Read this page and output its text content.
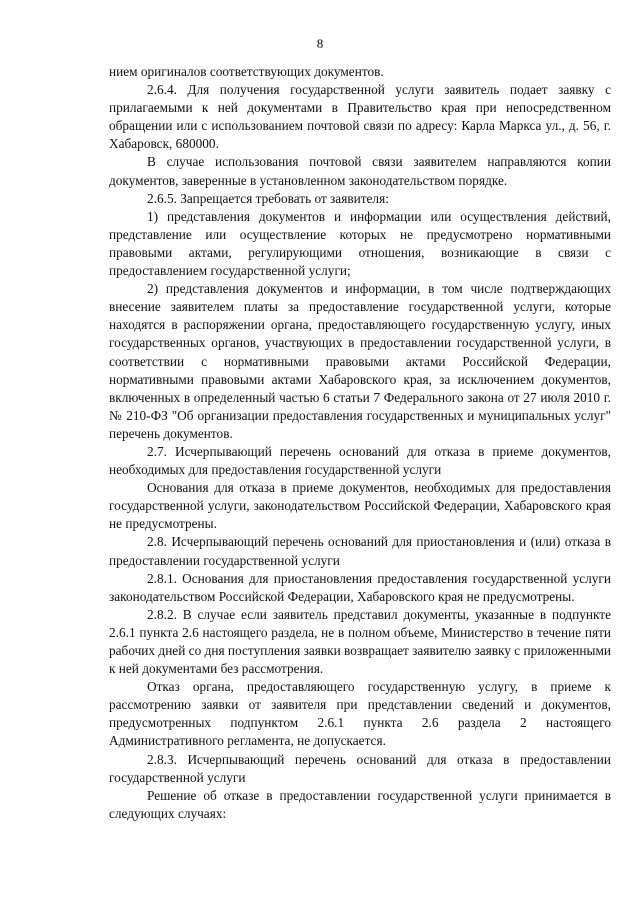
8

нием оригиналов соответствующих документов.

2.6.4. Для получения государственной услуги заявитель подает заявку с прилагаемыми к ней документами в Правительство края при непосредственном обращении или с использованием почтовой связи по адресу: Карла Маркса ул., д. 56, г. Хабаровск, 680000.

В случае использования почтовой связи заявителем направляются копии документов, заверенные в установленном законодательством порядке.

2.6.5. Запрещается требовать от заявителя:

1) представления документов и информации или осуществления действий, представление или осуществление которых не предусмотрено нормативными правовыми актами, регулирующими отношения, возникающие в связи с предоставлением государственной услуги;

2) представления документов и информации, в том числе подтверждающих внесение заявителем платы за предоставление государственной услуги, которые находятся в распоряжении органа, предоставляющего государственную услугу, иных государственных органов, участвующих в предоставлении государственной услуги, в соответствии с нормативными правовыми актами Российской Федерации, нормативными правовыми актами Хабаровского края, за исключением документов, включенных в определенный частью 6 статьи 7 Федерального закона от 27 июля 2010 г. № 210-ФЗ "Об организации предоставления государственных и муниципальных услуг" перечень документов.

2.7. Исчерпывающий перечень оснований для отказа в приеме документов, необходимых для предоставления государственной услуги

Основания для отказа в приеме документов, необходимых для предоставления государственной услуги, законодательством Российской Федерации, Хабаровского края не предусмотрены.

2.8. Исчерпывающий перечень оснований для приостановления и (или) отказа в предоставлении государственной услуги

2.8.1. Основания для приостановления предоставления государственной услуги законодательством Российской Федерации, Хабаровского края не предусмотрены.

2.8.2. В случае если заявитель представил документы, указанные в подпункте 2.6.1 пункта 2.6 настоящего раздела, не в полном объеме, Министерство в течение пяти рабочих дней со дня поступления заявки возвращает заявителю заявку с приложенными к ней документами без рассмотрения.

Отказ органа, предоставляющего государственную услугу, в приеме к рассмотрению заявки от заявителя при представлении сведений и документов, предусмотренных подпунктом 2.6.1 пункта 2.6 раздела 2 настоящего Административного регламента, не допускается.

2.8.3. Исчерпывающий перечень оснований для отказа в предоставлении государственной услуги

Решение об отказе в предоставлении государственной услуги принимается в следующих случаях:
